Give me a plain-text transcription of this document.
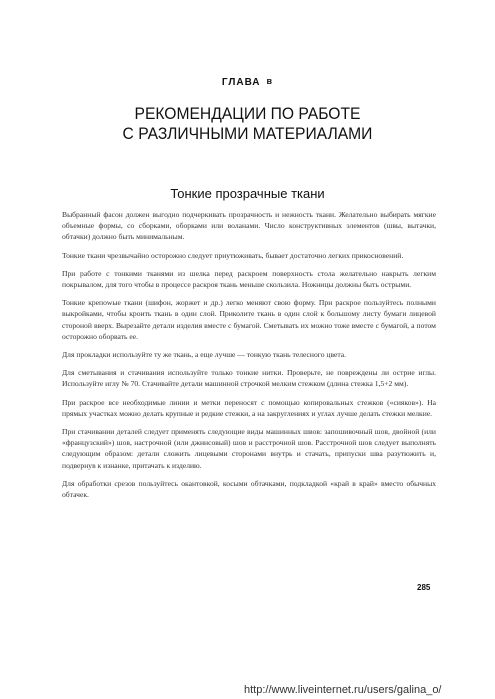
ГЛАВА в
РЕКОМЕНДАЦИИ ПО РАБОТЕ
С РАЗЛИЧНЫМИ МАТЕРИАЛАМИ
Тонкие прозрачные ткани

Выбранный фасон должен выгодно подчеркивать прозрачность и нежность ткани. Желательно выбирать мягкие объемные формы, со сборками, оборками или воланами. Число конструктивных элементов (швы, вытачки, обтачки) должно быть минимальным.

Тонкие ткани чрезвычайно осторожно следует приутюживать, бывает достаточно легких прикосновений.

При работе с тонкими тканями из шелка перед раскроем поверхность стола желательно накрыть легким покрывалом, для того чтобы в процессе раскроя ткань меньше скользила. Ножницы должны быть острыми.

Тонкие крепowые ткани (шифон, жоржет и др.) легко меняют свою форму. При раскрое пользуйтесь полными выкройками, чтобы кроить ткань в один слой. Приколите ткань в один слой к большому листу бумаги лицевой стороной вверх. Вырезайте детали изделия вместе с бумагой. Сметывать их можно тоже вместе с бумагой, а потом осторожно оборвать ее.

Для прокладки используйте ту же ткань, а еще лучше — тонкую ткань телесного цвета.

Для сметывания и стачивания используйте только тонкие нитки. Проверьте, не повреждены ли острие иглы. Используйте иглу № 70. Стачивайте детали машинной строчкой мелким стежком (длина стежка 1,5+2 мм).

При раскрое все необходимые линии и метки переносят с помощью копировальных стежков («сияков»). На прямых участках можно делать крупные и редкие стежки, а на закруглениях и углах лучше делать стежки мелкие.

При стачивании деталей следует применять следующие виды машинных швов: запошивочный шов, двойной (или «французский») шов, настрочной (или джинсовый) шов и расстрочной шов. Расстрочной шов следует выполнять следующим образом: детали сложить лицевыми сторонами внутрь и стачать, припуски шва разутюжить и, подвернув к изнанке, притачать к изделию.

Для обработки срезов пользуйтесь окантовкой, косыми обтачками, подкладкой «край в край» вместо обычных обтачек.

285
http://www.liveinternet.ru/users/galina_o/
